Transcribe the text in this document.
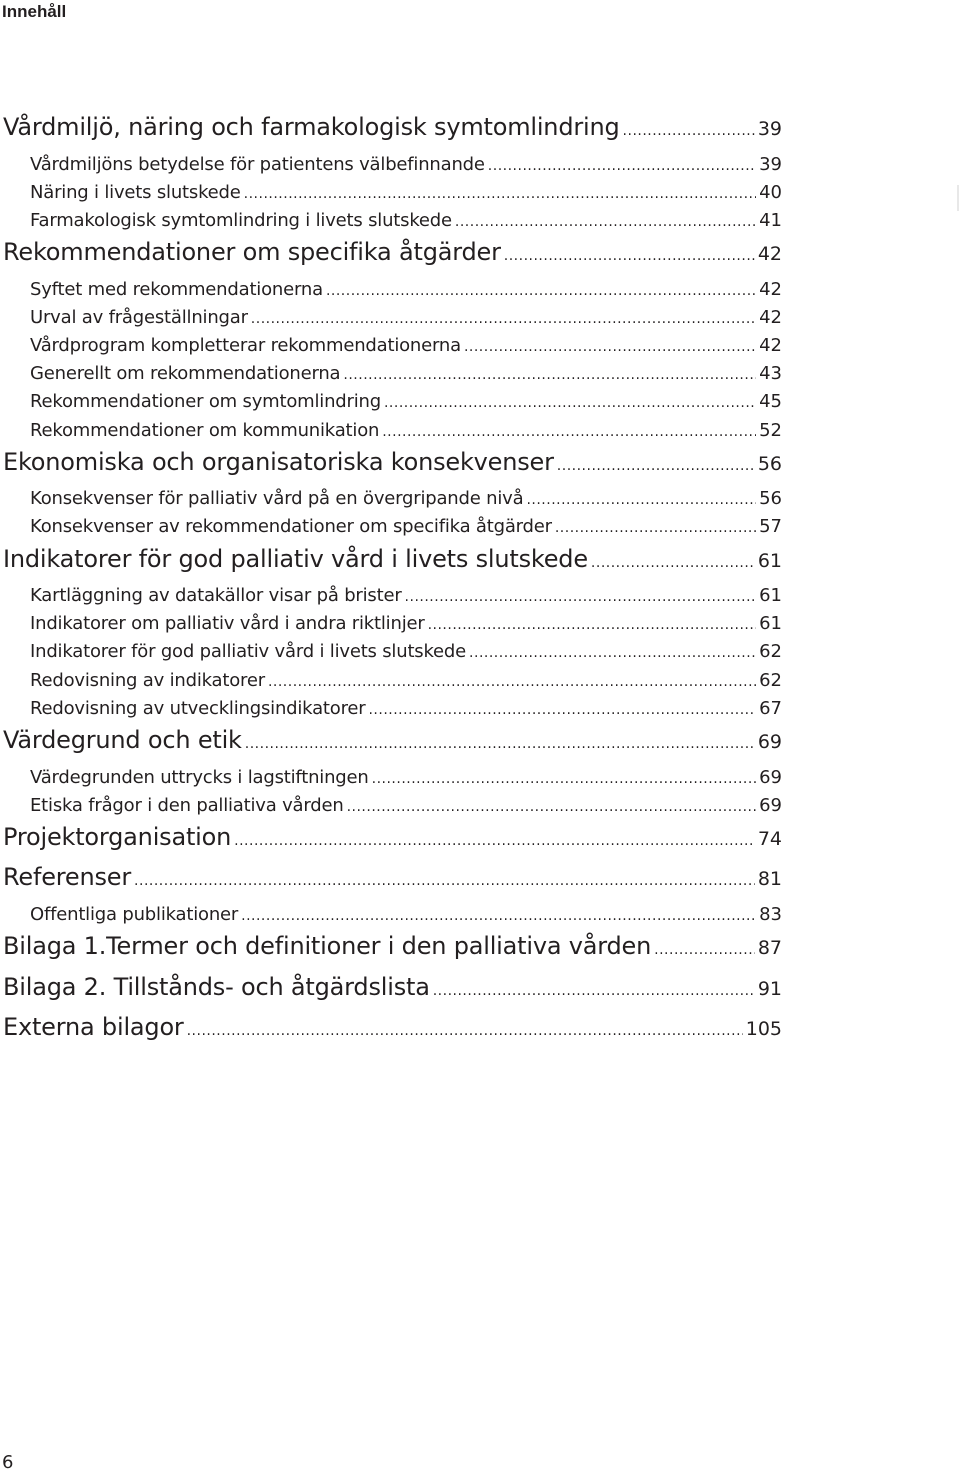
Innehåll
Vårdmiljö, näring och farmakologisk symtomlindring .....	39
Vårdmiljöns betydelse för patientens välbefinnande .....	39
Näring i livets slutskede .....	40
Farmakologisk symtomlindring i livets slutskede .....	41
Rekommendationer om specifika åtgärder .....	42
Syftet med rekommendationerna .....	42
Urval av frågeställningar .....	42
Vårdprogram kompletterar rekommendationerna .....	42
Generellt om rekommendationerna .....	43
Rekommendationer om symtomlindring .....	45
Rekommendationer om kommunikation .....	52
Ekonomiska och organisatoriska konsekvenser .....	56
Konsekvenser för palliativ vård på en övergripande nivå .....	56
Konsekvenser av rekommendationer om specifika åtgärder .....	57
Indikatorer för god palliativ vård i livets slutskede .....	61
Kartläggning av datakällor visar på brister .....	61
Indikatorer om palliativ vård i andra riktlinjer .....	61
Indikatorer för god palliativ vård i livets slutskede .....	62
Redovisning av indikatorer .....	62
Redovisning av utvecklingsindikatorer .....	67
Värdegrund och etik .....	69
Värdegrunden uttrycks i lagstiftningen .....	69
Etiska frågor i den palliativa vården .....	69
Projektorganisation .....	74
Referenser .....	81
Offentliga publikationer .....	83
Bilaga 1.Termer och definitioner i den palliativa vården .....	87
Bilaga 2. Tillstånds- och åtgärdslista .....	91
Externa bilagor .....	105
6
